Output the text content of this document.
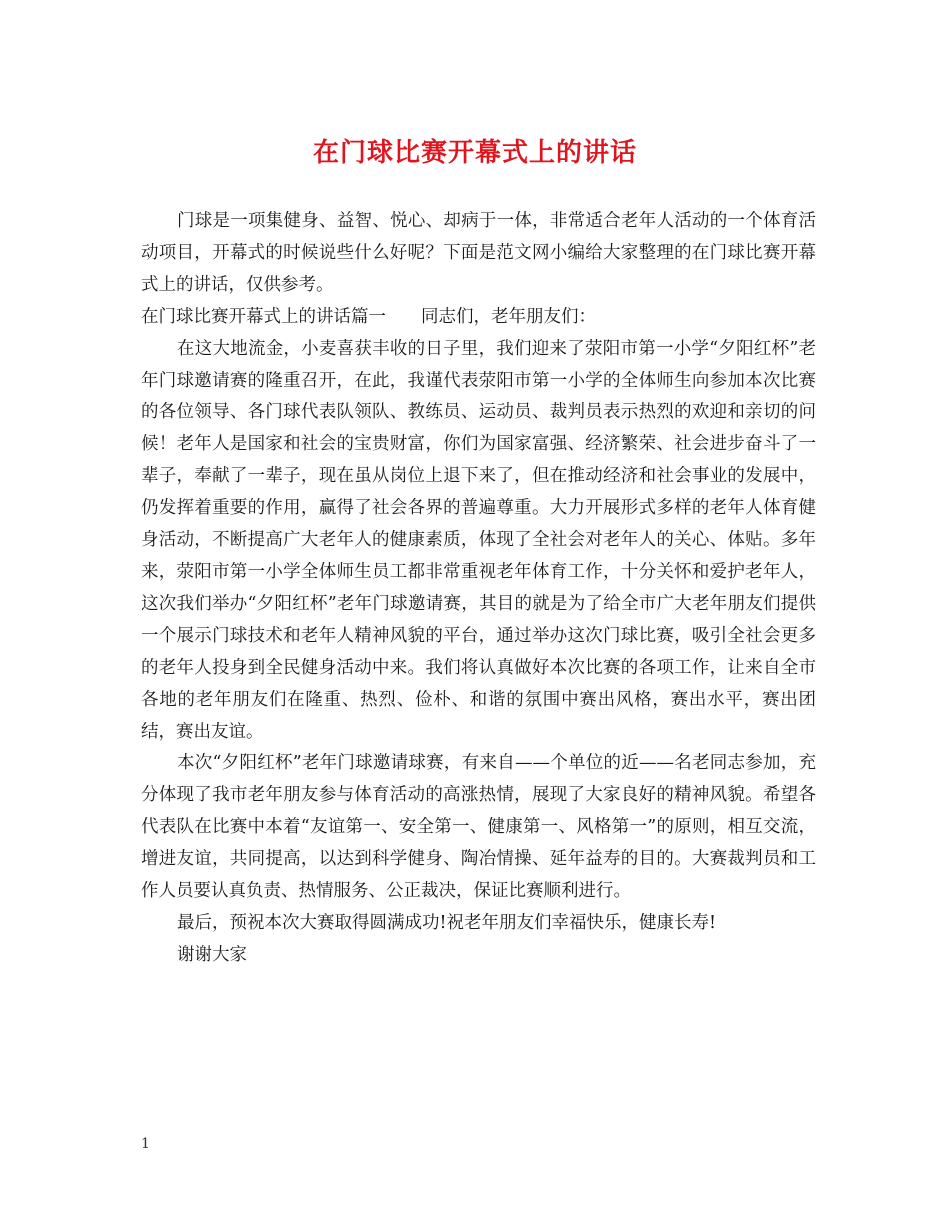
在门球比赛开幕式上的讲话

门球是一项集健身、益智、悦心、却病于一体，非常适合老年人活动的一个体育活动项目，开幕式的时候说些什么好呢？下面是范文网小编给大家整理的在门球比赛开幕式上的讲话，仅供参考。

在门球比赛开幕式上的讲话篇一　　同志们，老年朋友们：

在这大地流金，小麦喜获丰收的日子里，我们迎来了荥阳市第一小学“夕阳红杯”老年门球邀请赛的隆重召开，在此，我谨代表荥阳市第一小学的全体师生向参加本次比赛的各位领导、各门球代表队领队、教练员、运动员、裁判员表示热烈的欢迎和亲切的问候！老年人是国家和社会的宝贵财富，你们为国家富强、经济繁荣、社会进步奋斗了一辈子，奉献了一辈子，现在虽从岗位上退下来了，但在推动经济和社会事业的发展中，仍发挥着重要的作用，赢得了社会各界的普遍尊重。大力开展形式多样的老年人体育健身活动，不断提高广大老年人的健康素质，体现了全社会对老年人的关心、体贴。多年来，荥阳市第一小学全体师生员工都非常重视老年体育工作，十分关怀和爱护老年人，这次我们举办“夕阳红杯”老年门球邀请赛，其目的就是为了给全市广大老年朋友们提供一个展示门球技术和老年人精神风貌的平台，通过举办这次门球比赛，吸引全社会更多的老年人投身到全民健身活动中来。我们将认真做好本次比赛的各项工作，让来自全市各地的老年朋友们在隆重、热烈、俭朴、和谐的氛围中赛出风格，赛出水平，赛出团结，赛出友谊。

本次“夕阳红杯”老年门球邀请球赛，有来自——个单位的近——名老同志参加，充分体现了我市老年朋友参与体育活动的高涨热情，展现了大家良好的精神风貌。希望各代表队在比赛中本着“友谊第一、安全第一、健康第一、风格第一”的原则，相互交流，增进友谊，共同提高，以达到科学健身、陶冶情操、延年益寿的目的。大赛裁判员和工作人员要认真负责、热情服务、公正裁决，保证比赛顺利进行。

最后，预祝本次大赛取得圆满成功!祝老年朋友们幸福快乐，健康长寿!

谢谢大家

1
